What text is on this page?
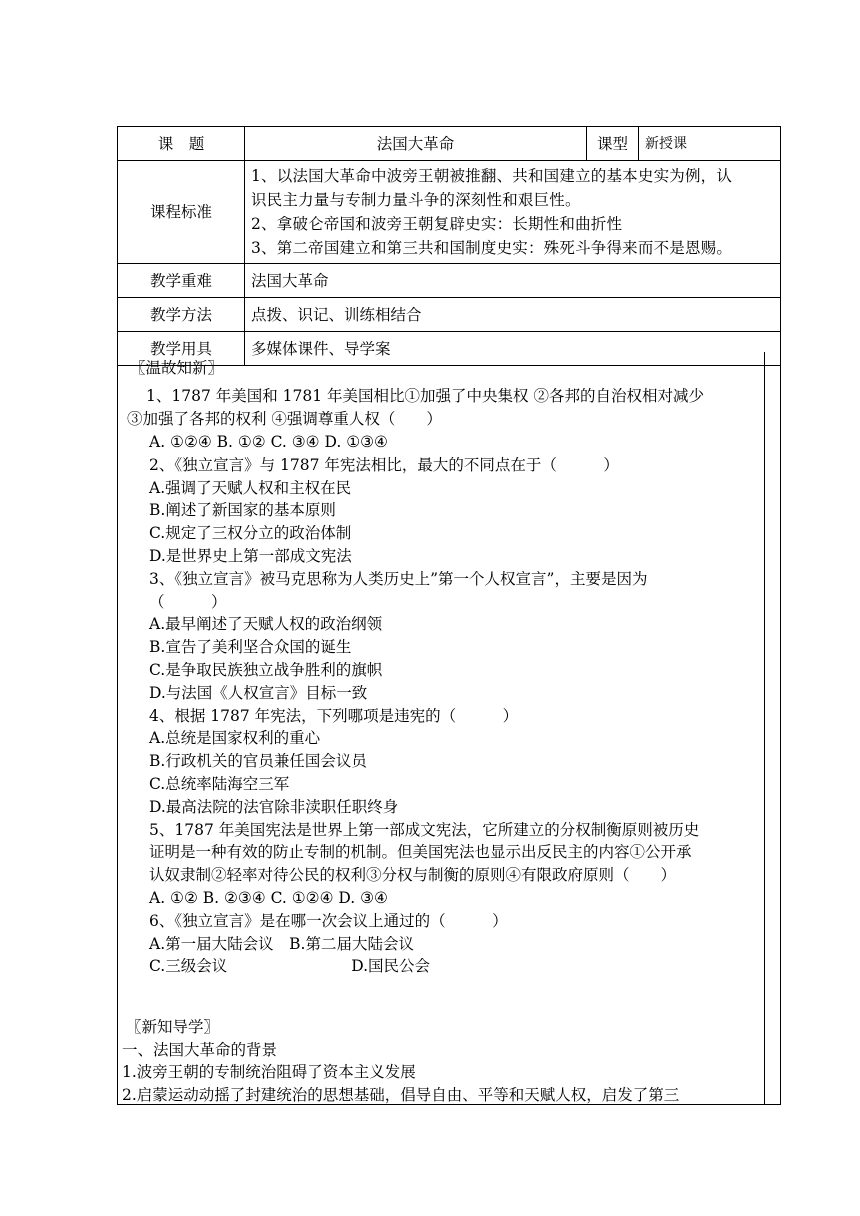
课　题	法国大革命	课型	新授课
课程标准	1、以法国大革命中波旁王朝被推翻、共和国建立的基本史实为例，认
识民主力量与专制力量斗争的深刻性和艰巨性。
2、拿破仑帝国和波旁王朝复辟史实：长期性和曲折性
3、第二帝国建立和第三共和国制度史实：殊死斗争得来而不是恩赐。		

教学重难	法国大革命		
教学方法	点拨、识记、训练相结合		
教学用具	多媒体课件、导学案		
〖温故知新〗
1、1787 年美国和 1781 年美国相比①加强了中央集权 ②各邦的自治权相对减少
③加强了各邦的权利 ④强调尊重人权（　　）
A. ①②④ B. ①② C. ③④ D. ①③④
2、《独立宣言》与 1787 年宪法相比，最大的不同点在于（　　　）
A.强调了天赋人权和主权在民
B.阐述了新国家的基本原则
C.规定了三权分立的政治体制
D.是世界史上第一部成文宪法
3、《独立宣言》被马克思称为人类历史上”第一个人权宣言”，主要是因为
（　　　）
A.最早阐述了天赋人权的政治纲领
B.宣告了美利坚合众国的诞生
C.是争取民族独立战争胜利的旗帜
D.与法国《人权宣言》目标一致
4、根据 1787 年宪法，下列哪项是违宪的（　　　）
A.总统是国家权利的重心
B.行政机关的官员兼任国会议员
C.总统率陆海空三军
D.最高法院的法官除非渎职任职终身
5、1787 年美国宪法是世界上第一部成文宪法，它所建立的分权制衡原则被历史
证明是一种有效的防止专制的机制。但美国宪法也显示出反民主的内容①公开承
认奴隶制②轻率对待公民的权利③分权与制衡的原则④有限政府原则（　　）
A. ①② B. ②③④ C. ①②④ D. ③④
6、《独立宣言》是在哪一次会议上通过的（　　　）
A.第一届大陆会议　B.第二届大陆会议
C.三级会议　　　　　　　　D.国民公会
〖新知导学〗
一、法国大革命的背景
1.波旁王朝的专制统治阻碍了资本主义发展
2.启蒙运动动摇了封建统治的思想基础，倡导自由、平等和天赋人权，启发了第三
